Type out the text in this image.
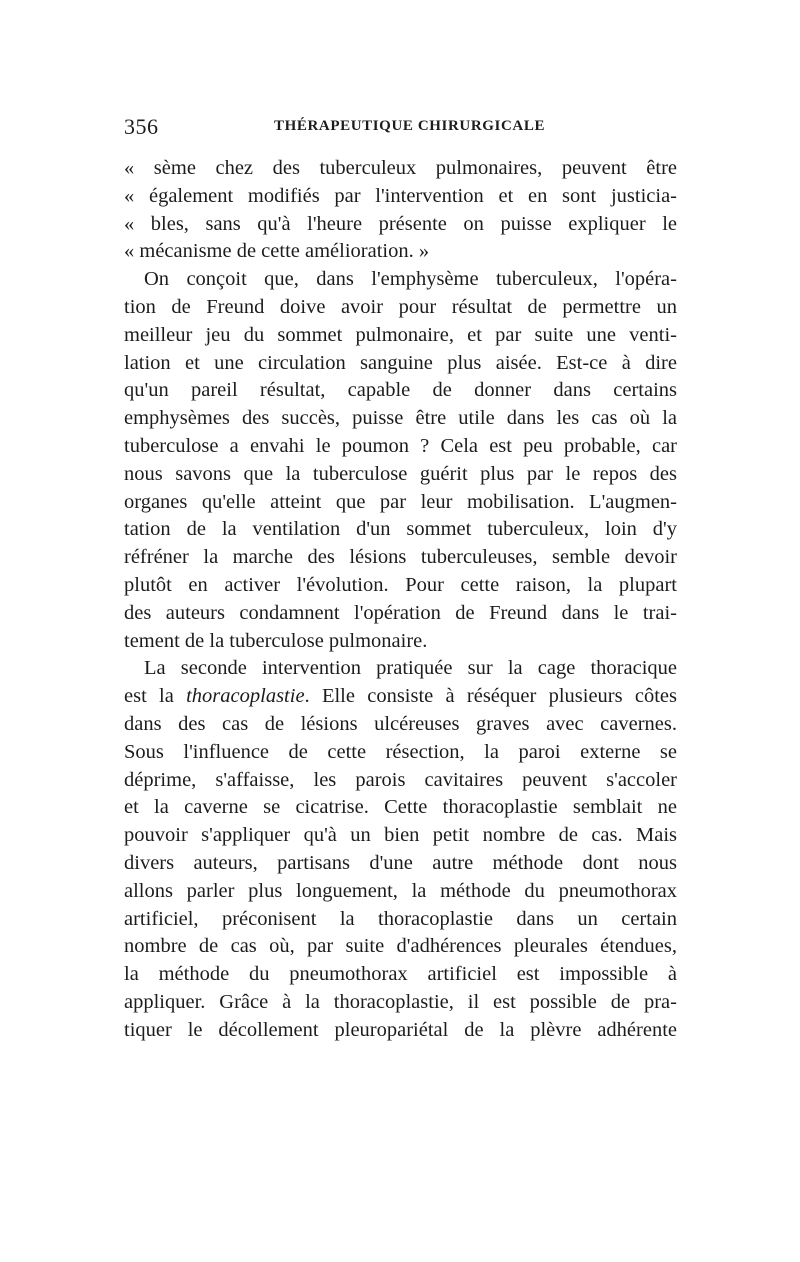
356	THÉRAPEUTIQUE CHIRURGICALE
« sème chez des tuberculeux pulmonaires, peuvent être
« également modifiés par l'intervention et en sont justicia-
« bles, sans qu'à l'heure présente on puisse expliquer le
« mécanisme de cette amélioration. »
On conçoit que, dans l'emphysème tuberculeux, l'opéra-
tion de Freund doive avoir pour résultat de permettre un
meilleur jeu du sommet pulmonaire, et par suite une venti-
lation et une circulation sanguine plus aisée. Est-ce à dire
qu'un pareil résultat, capable de donner dans certains
emphysèmes des succès, puisse être utile dans les cas où la
tuberculose a envahi le poumon ? Cela est peu probable, car
nous savons que la tuberculose guérit plus par le repos des
organes qu'elle atteint que par leur mobilisation. L'augmen-
tation de la ventilation d'un sommet tuberculeux, loin d'y
réfréner la marche des lésions tuberculeuses, semble devoir
plutôt en activer l'évolution. Pour cette raison, la plupart
des auteurs condamnent l'opération de Freund dans le trai-
tement de la tuberculose pulmonaire.
La seconde intervention pratiquée sur la cage thoracique
est la thoracoplastie. Elle consiste à réséquer plusieurs côtes
dans des cas de lésions ulcéreuses graves avec cavernes.
Sous l'influence de cette résection, la paroi externe se
déprime, s'affaisse, les parois cavitaires peuvent s'accoler
et la caverne se cicatrise. Cette thoracoplastie semblait ne
pouvoir s'appliquer qu'à un bien petit nombre de cas. Mais
divers auteurs, partisans d'une autre méthode dont nous
allons parler plus longuement, la méthode du pneumothorax
artificiel, préconisent la thoracoplastie dans un certain
nombre de cas où, par suite d'adhérences pleurales étendues,
la méthode du pneumothorax artificiel est impossible à
appliquer. Grâce à la thoracoplastie, il est possible de pra-
tiquer le décollement pleuropariétal de la plèvre adhérente
